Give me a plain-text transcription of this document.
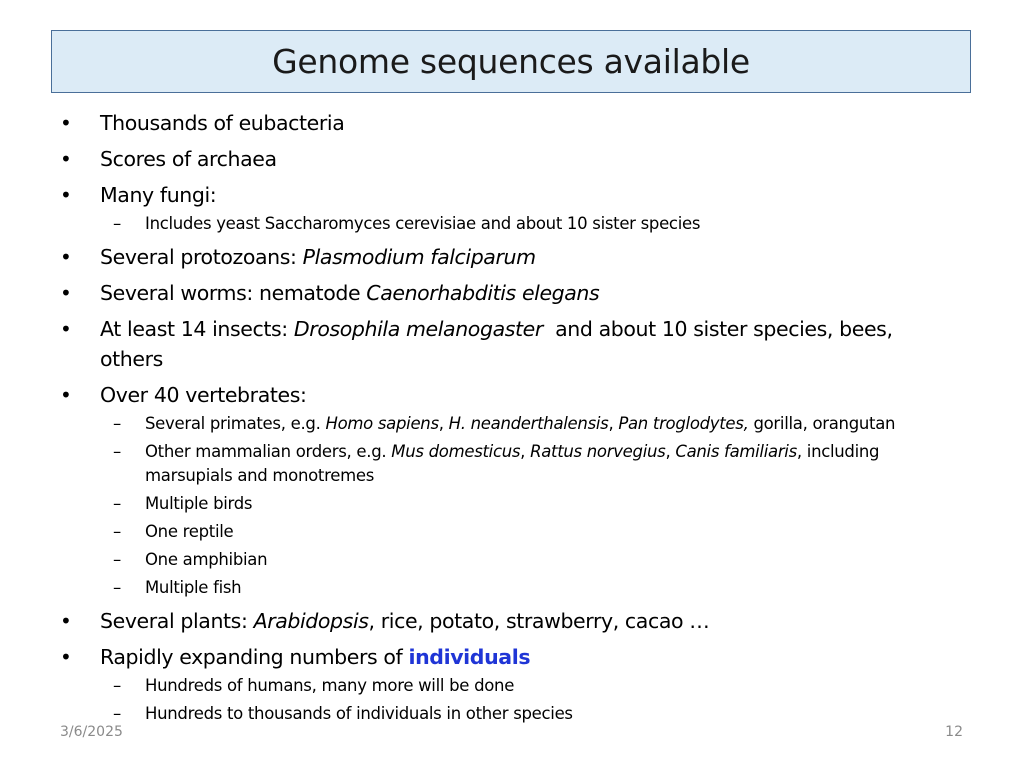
Genome sequences available
• Thousands of eubacteria
• Scores of archaea
• Many fungi:
– Includes yeast Saccharomyces cerevisiae and about 10 sister species
• Several protozoans: Plasmodium falciparum
• Several worms: nematode Caenorhabditis elegans
• At least 14 insects: Drosophila melanogaster  and about 10 sister species, bees, others
• Over 40 vertebrates:
– Several primates, e.g. Homo sapiens, H. neanderthalensis, Pan troglodytes, gorilla, orangutan
– Other mammalian orders, e.g. Mus domesticus, Rattus norvegius, Canis familiaris, including marsupials and monotremes
– Multiple birds
– One reptile
– One amphibian
– Multiple fish
• Several plants: Arabidopsis, rice, potato, strawberry, cacao …
• Rapidly expanding numbers of individuals
– Hundreds of humans, many more will be done
– Hundreds to thousands of individuals in other species
3/6/2025	12
